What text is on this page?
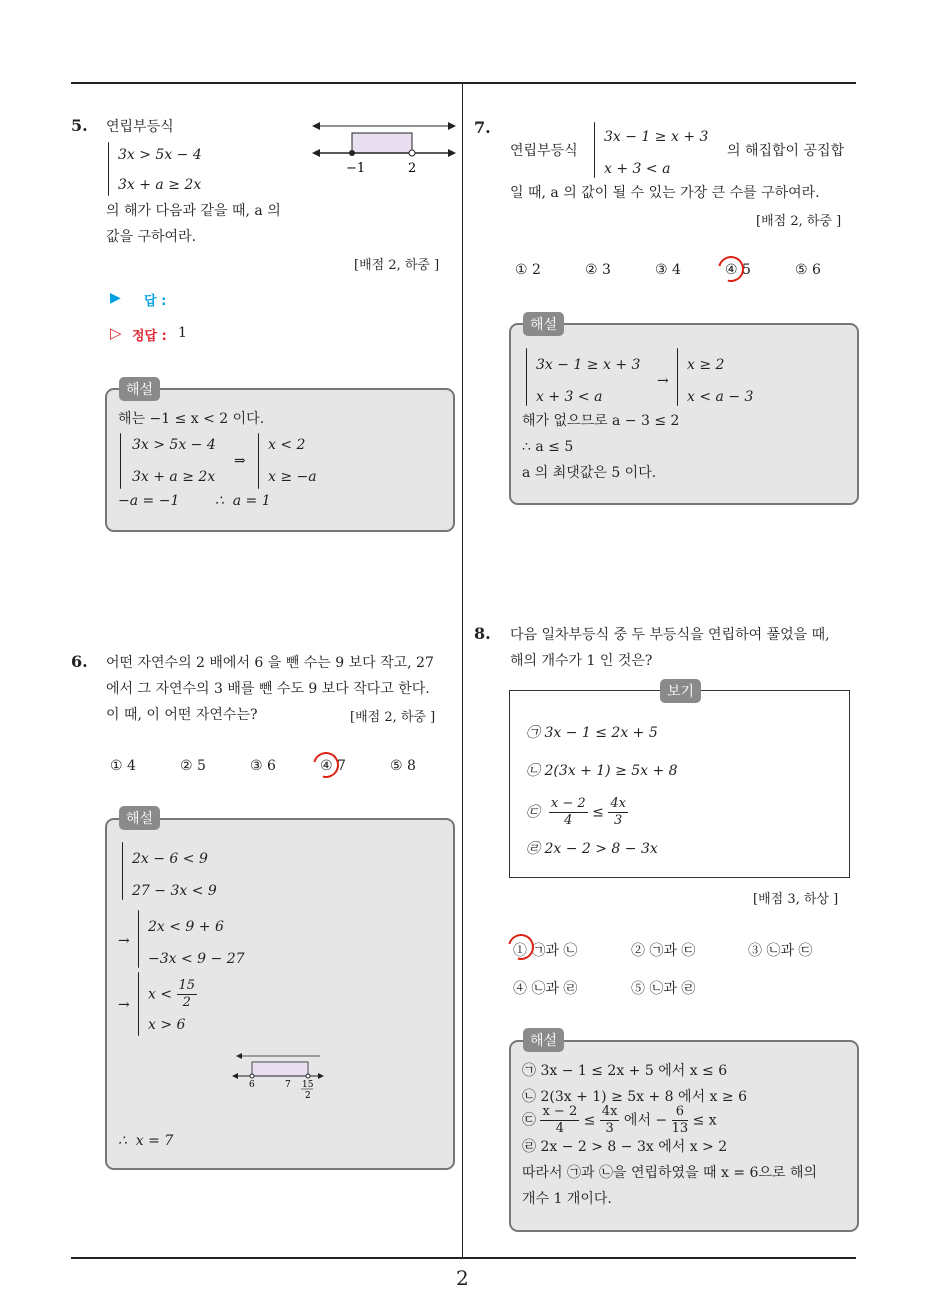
5. 연립부등식
3x > 5x − 4
3x + a ≥ 2x
의 해가 다음과 같을 때, a 의
값을 구하여라.
−1	2
[배점 2, 하중 ]
▶ 답 :
▷ 정답 : 1
해설
해는 −1 ≤ x < 2 이다.
3x > 5x − 4
3x + a ≥ 2x
⇒
x < 2
x ≥ −a
−a = −1        ∴  a = 1
6. 어떤 자연수의 2 배에서 6 을 뺀 수는 9 보다 작고, 27
에서 그 자연수의 3 배를 뺀 수도 9 보다 작다고 한다.
이 때, 이 어떤 자연수는?	[배점 2, 하중 ]
① 4	② 5	③ 6	④ 7	⑤ 8
해설
2x − 6 < 9
27 − 3x < 9
→
2x < 9 + 6
−3x < 9 − 27
→
$x < \frac{15}{2}$
x > 6
6	7 15
2
∴  x = 7
7.
연립부등식
3x − 1 ≥ x + 3
x + 3 < a
의 해집합이 공집합
일 때, a 의 값이 될 수 있는 가장 큰 수를 구하여라.
[배점 2, 하중 ]
① 2	② 3	③ 4	④ 5	⑤ 6
해설
3x − 1 ≥ x + 3
x + 3 < a
→
x ≥ 2
x < a − 3
해가 없으므로 a − 3 ≤ 2
∴ a ≤ 5
a 의 최댓값은 5 이다.
8. 다음 일차부등식 중 두 부등식을 연립하여 풀었을 때,
해의 개수가 1 인 것은?
보기
㉠ 3x − 1 ≤ 2x + 5
㉡ 2(3x + 1) ≥ 5x + 8
㉢ $\frac{x - 2}{4} \le \frac{4x}{3}$
㉣ 2x − 2 > 8 − 3x
[배점 3, 하상 ]
① ㉠과 ㉡	② ㉠과 ㉢	③ ㉡과 ㉢
④ ㉡과 ㉣	⑤ ㉡과 ㉣
해설
㉠ 3x − 1 ≤ 2x + 5 에서 x ≤ 6
㉡ 2(3x + 1) ≥ 5x + 8 에서 x ≥ 6
㉢ $\frac{x - 2}{4} \le \frac{4x}{3}$ 에서 − $\frac{6}{13} \le x$
㉣ 2x − 2 > 8 − 3x 에서 x > 2
따라서 ㉠과 ㉡을 연립하였을 때 x = 6으로 해의
개수 1 개이다.
2
